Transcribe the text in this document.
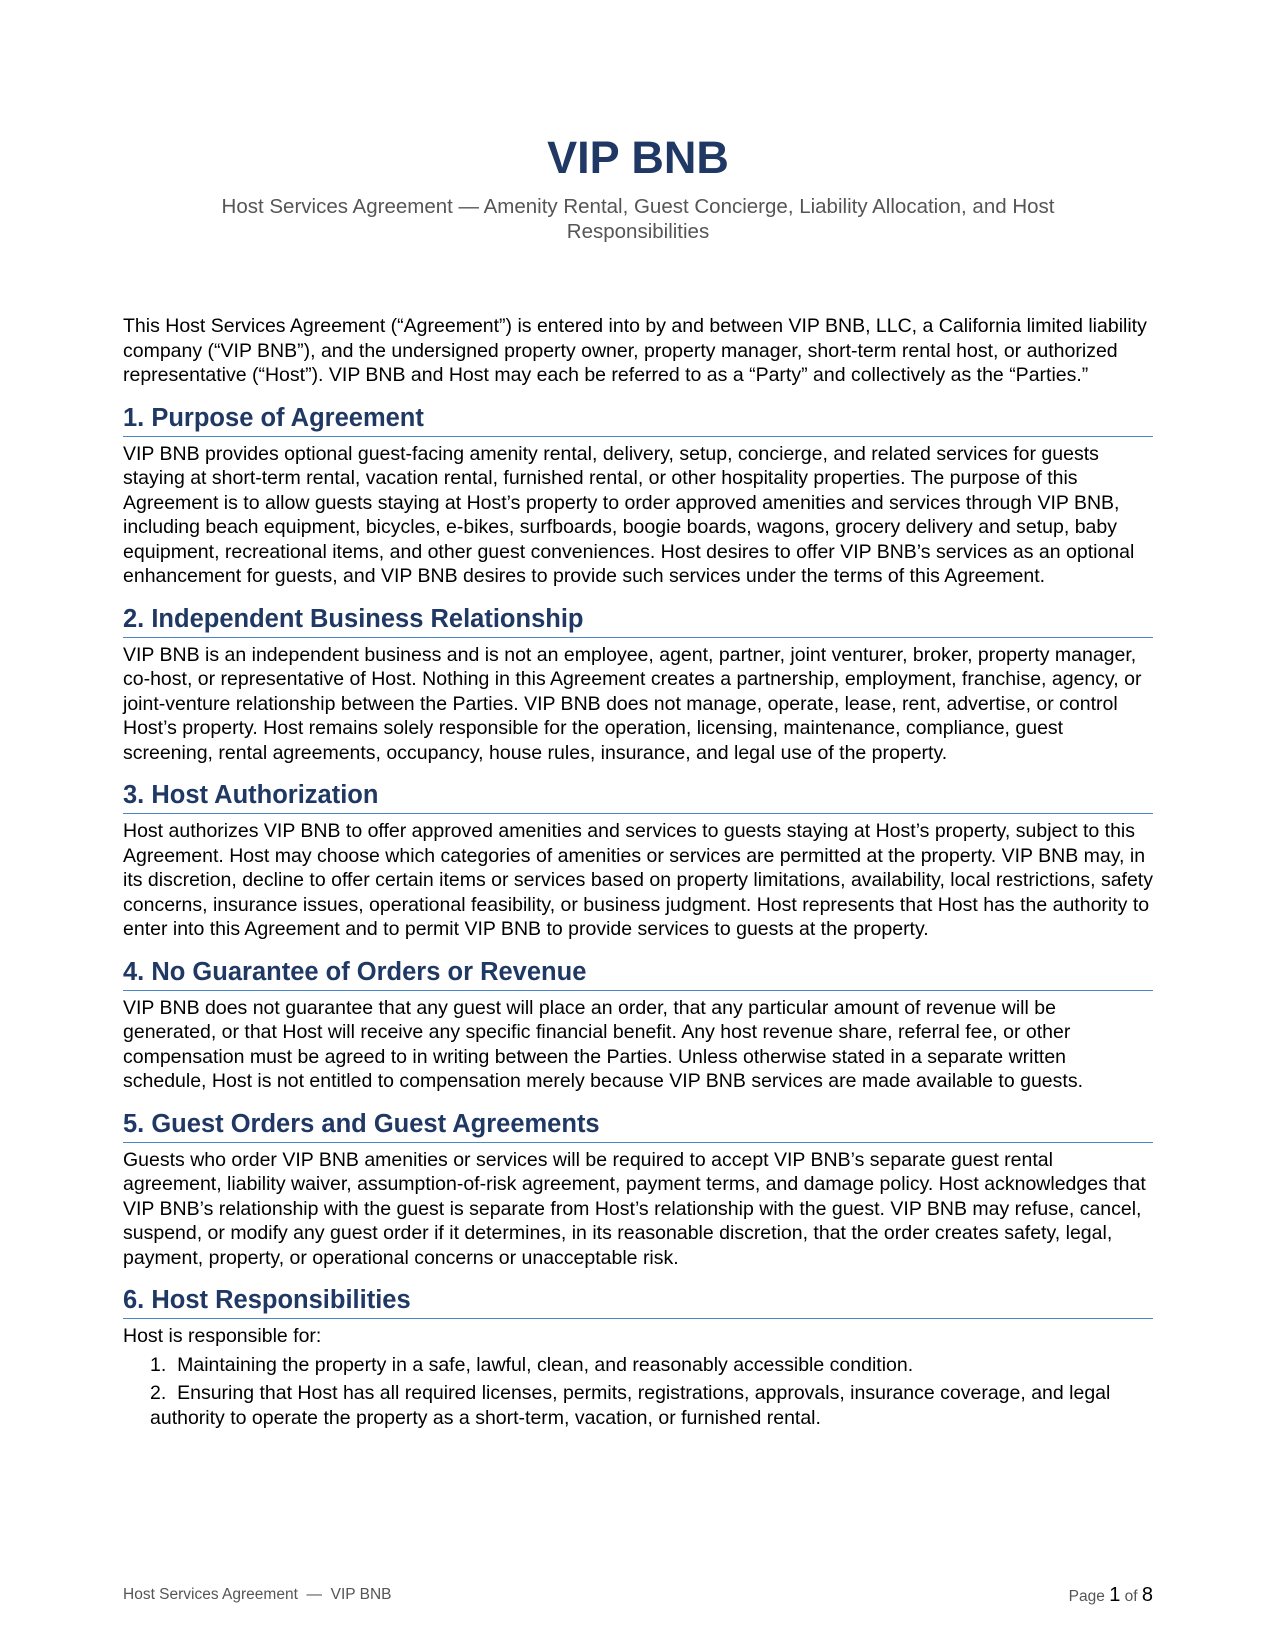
VIP BNB
Host Services Agreement — Amenity Rental, Guest Concierge, Liability Allocation, and Host Responsibilities

This Host Services Agreement (“Agreement”) is entered into by and between VIP BNB, LLC, a California limited liability company (“VIP BNB”), and the undersigned property owner, property manager, short-term rental host, or authorized representative (“Host”). VIP BNB and Host may each be referred to as a “Party” and collectively as the “Parties.”

1. Purpose of Agreement

VIP BNB provides optional guest-facing amenity rental, delivery, setup, concierge, and related services for guests staying at short-term rental, vacation rental, furnished rental, or other hospitality properties. The purpose of this Agreement is to allow guests staying at Host’s property to order approved amenities and services through VIP BNB, including beach equipment, bicycles, e-bikes, surfboards, boogie boards, wagons, grocery delivery and setup, baby equipment, recreational items, and other guest conveniences. Host desires to offer VIP BNB’s services as an optional enhancement for guests, and VIP BNB desires to provide such services under the terms of this Agreement.

2. Independent Business Relationship

VIP BNB is an independent business and is not an employee, agent, partner, joint venturer, broker, property manager, co-host, or representative of Host. Nothing in this Agreement creates a partnership, employment, franchise, agency, or joint-venture relationship between the Parties. VIP BNB does not manage, operate, lease, rent, advertise, or control Host’s property. Host remains solely responsible for the operation, licensing, maintenance, compliance, guest screening, rental agreements, occupancy, house rules, insurance, and legal use of the property.

3. Host Authorization

Host authorizes VIP BNB to offer approved amenities and services to guests staying at Host’s property, subject to this Agreement. Host may choose which categories of amenities or services are permitted at the property. VIP BNB may, in its discretion, decline to offer certain items or services based on property limitations, availability, local restrictions, safety concerns, insurance issues, operational feasibility, or business judgment. Host represents that Host has the authority to enter into this Agreement and to permit VIP BNB to provide services to guests at the property.

4. No Guarantee of Orders or Revenue

VIP BNB does not guarantee that any guest will place an order, that any particular amount of revenue will be generated, or that Host will receive any specific financial benefit. Any host revenue share, referral fee, or other compensation must be agreed to in writing between the Parties. Unless otherwise stated in a separate written schedule, Host is not entitled to compensation merely because VIP BNB services are made available to guests.

5. Guest Orders and Guest Agreements

Guests who order VIP BNB amenities or services will be required to accept VIP BNB’s separate guest rental agreement, liability waiver, assumption-of-risk agreement, payment terms, and damage policy. Host acknowledges that VIP BNB’s relationship with the guest is separate from Host’s relationship with the guest. VIP BNB may refuse, cancel, suspend, or modify any guest order if it determines, in its reasonable discretion, that the order creates safety, legal, payment, property, or operational concerns or unacceptable risk.

6. Host Responsibilities

Host is responsible for:

1. Maintaining the property in a safe, lawful, clean, and reasonably accessible condition.
2. Ensuring that Host has all required licenses, permits, registrations, approvals, insurance coverage, and legal authority to operate the property as a short-term, vacation, or furnished rental.
Host Services Agreement  —  VIP BNB	Page 1 of 8
